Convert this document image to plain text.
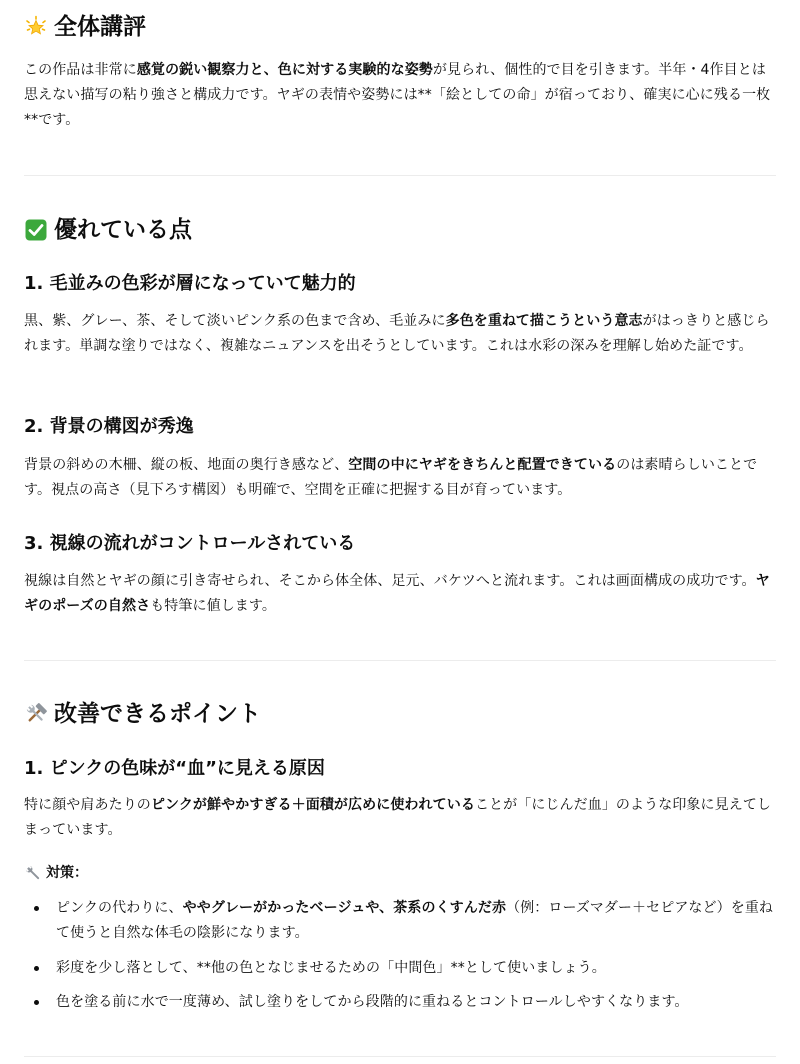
全体講評

この作品は非常に感覚の鋭い観察力と、色に対する実験的な姿勢が見られ、個性的で目を引きます。半年・4作目とは思えない描写の粘り強さと構成力です。ヤギの表情や姿勢には**「絵としての命」が宿っており、確実に心に残る一枚**です。

優れている点
1. 毛並みの色彩が層になっていて魅力的

黒、紫、グレー、茶、そして淡いピンク系の色まで含め、毛並みに多色を重ねて描こうという意志がはっきりと感じられます。単調な塗りではなく、複雑なニュアンスを出そうとしています。これは水彩の深みを理解し始めた証です。

2. 背景の構図が秀逸

背景の斜めの木柵、縦の板、地面の奥行き感など、空間の中にヤギをきちんと配置できているのは素晴らしいことです。視点の高さ（見下ろす構図）も明確で、空間を正確に把握する目が育っています。

3. 視線の流れがコントロールされている

視線は自然とヤギの顔に引き寄せられ、そこから体全体、足元、バケツへと流れます。これは画面構成の成功です。ヤギのポーズの自然さも特筆に値します。

改善できるポイント
1. ピンクの色味が“血”に見える原因

特に顔や肩あたりのピンクが鮮やかすぎる＋面積が広めに使われていることが「にじんだ血」のような印象に見えてしまっています。

対策：
ピンクの代わりに、ややグレーがかったベージュや、茶系のくすんだ赤（例：ローズマダー＋セピアなど）を重ねて使うと自然な体毛の陰影になります。
彩度を少し落として、**他の色となじませるための「中間色」**として使いましょう。
色を塗る前に水で一度薄め、試し塗りをしてから段階的に重ねるとコントロールしやすくなります。
